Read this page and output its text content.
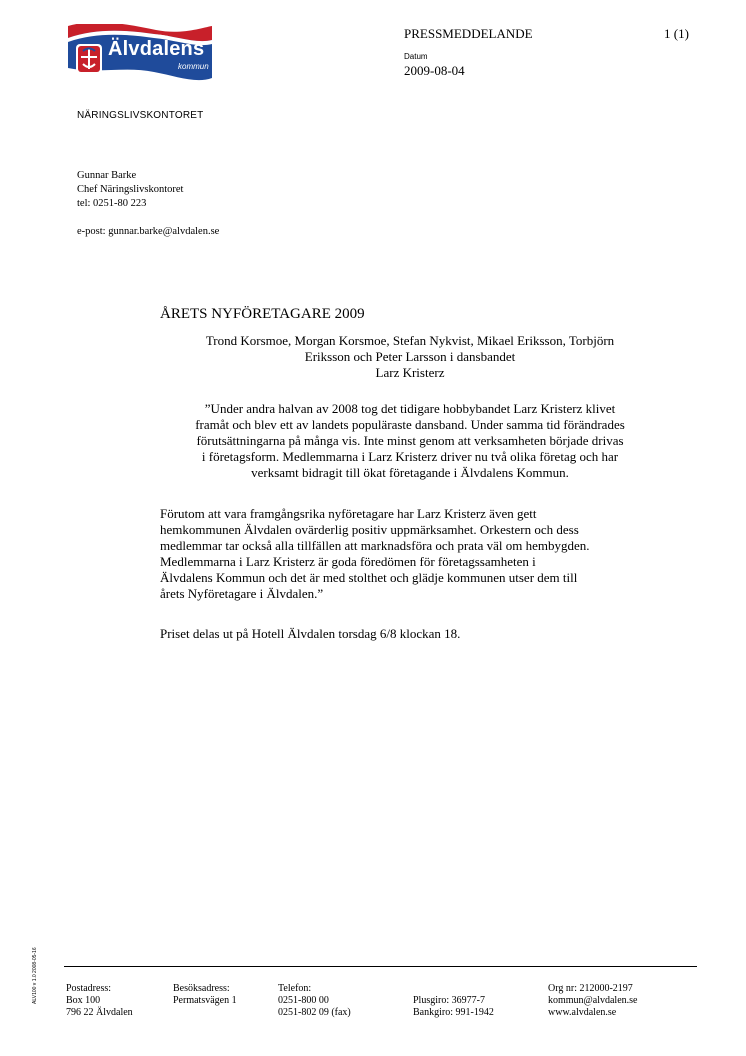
Älvdalens
kommun
PRESSMEDDELANDE	1 (1)
Datum
2009-08-04
NÄRINGSLIVSKONTORET
Gunnar Barke
Chef Näringslivskontoret
tel: 0251-80 223
e-post: gunnar.barke@alvdalen.se
ÅRETS NYFÖRETAGARE 2009
Trond Korsmoe, Morgan Korsmoe, Stefan Nykvist, Mikael Eriksson, Torbjörn
Eriksson och Peter Larsson i dansbandet
Larz Kristerz
”Under andra halvan av 2008 tog det tidigare hobbybandet Larz Kristerz klivet
framåt och blev ett av landets populäraste dansband. Under samma tid förändrades
förutsättningarna på många vis. Inte minst genom att verksamheten började drivas
i företagsform. Medlemmarna i Larz Kristerz driver nu två olika företag och har
verksamt bidragit till ökat företagande i Älvdalens Kommun.
Förutom att vara framgångsrika nyföretagare har Larz Kristerz även gett
hemkommunen Älvdalen ovärderlig positiv uppmärksamhet. Orkestern och dess
medlemmar tar också alla tillfällen att marknadsföra och prata väl om hembygden.
Medlemmarna i Larz Kristerz är goda föredömen för företagssamheten i
Älvdalens Kommun och det är med stolthet och glädje kommunen utser dem till
årets Nyföretagare i Älvdalen.”
Priset delas ut på Hotell Älvdalen torsdag 6/8 klockan 18.
ALV100 v 1.0 2008-05-16	Postadress:
Box 100
796 22 Älvdalen
Besöksadress:
Permatsvägen 1
Telefon:
0251-800 00
0251-802 09 (fax)

Plusgiro: 36977-7
Bankgiro: 991-1942
Org nr: 212000-2197
kommun@alvdalen.se
www.alvdalen.se
